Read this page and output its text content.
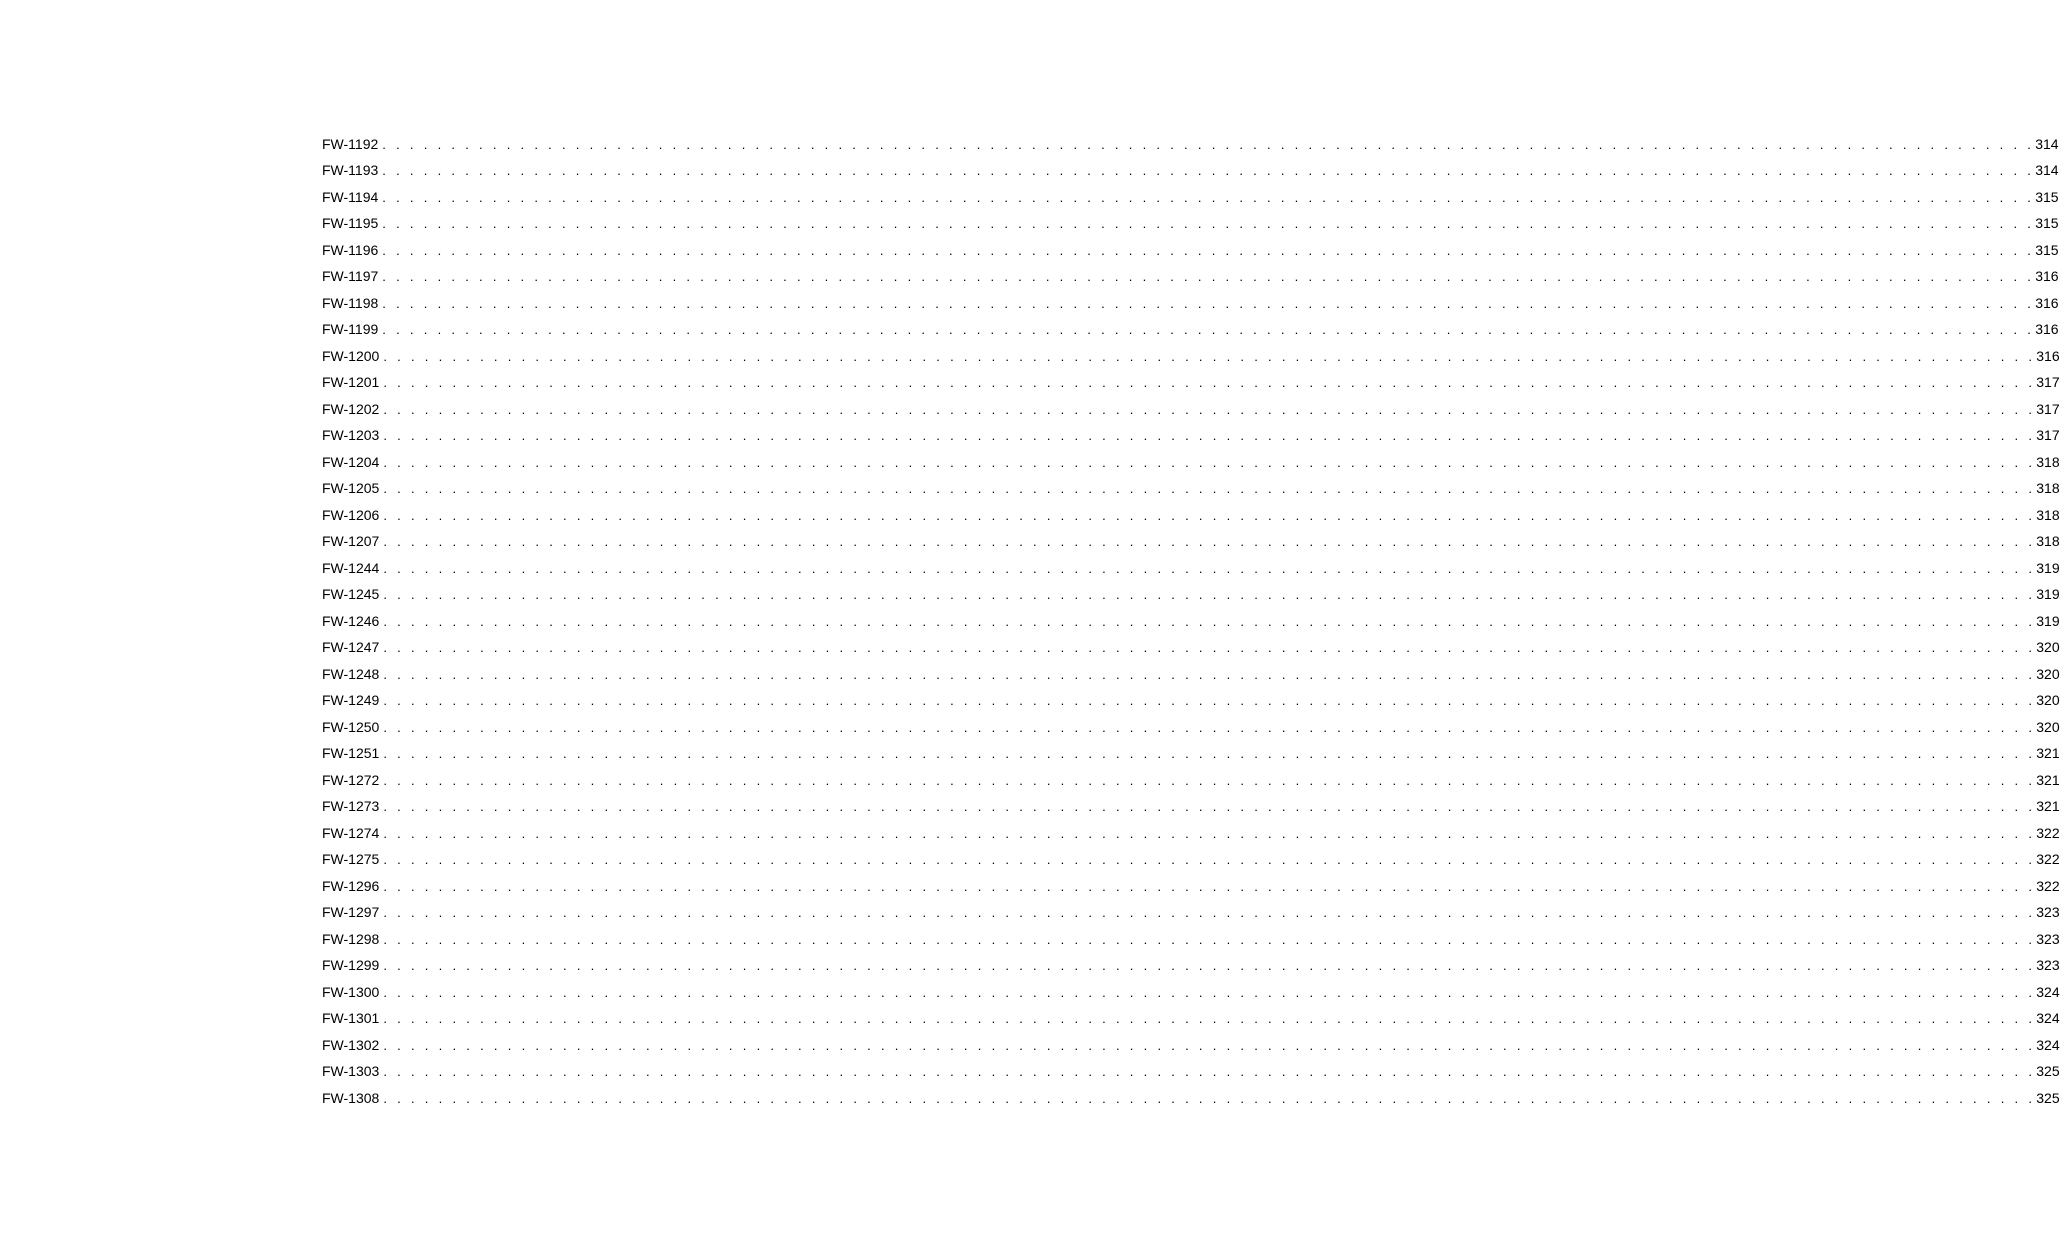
FW-1192 . . . . . . . . . . . . . . . . . . . . . . . . . . . . . . . . . . . . . . . . . . . . . . . . . . . . . . . . . . . . . . . . . . . . . . . . . . . . . . . . . . . . . . . . . . . . . . . . . . . . . . . . . . . . . . . . . . . . . . . . 314
FW-1193 . . . . . . . . . . . . . . . . . . . . . . . . . . . . . . . . . . . . . . . . . . . . . . . . . . . . . . . . . . . . . . . . . . . . . . . . . . . . . . . . . . . . . . . . . . . . . . . . . . . . . . . . . . . . . . . . . . . . . . . . 314
FW-1194 . . . . . . . . . . . . . . . . . . . . . . . . . . . . . . . . . . . . . . . . . . . . . . . . . . . . . . . . . . . . . . . . . . . . . . . . . . . . . . . . . . . . . . . . . . . . . . . . . . . . . . . . . . . . . . . . . . . . . . . . 315
FW-1195 . . . . . . . . . . . . . . . . . . . . . . . . . . . . . . . . . . . . . . . . . . . . . . . . . . . . . . . . . . . . . . . . . . . . . . . . . . . . . . . . . . . . . . . . . . . . . . . . . . . . . . . . . . . . . . . . . . . . . . . . 315
FW-1196 . . . . . . . . . . . . . . . . . . . . . . . . . . . . . . . . . . . . . . . . . . . . . . . . . . . . . . . . . . . . . . . . . . . . . . . . . . . . . . . . . . . . . . . . . . . . . . . . . . . . . . . . . . . . . . . . . . . . . . . . 315
FW-1197 . . . . . . . . . . . . . . . . . . . . . . . . . . . . . . . . . . . . . . . . . . . . . . . . . . . . . . . . . . . . . . . . . . . . . . . . . . . . . . . . . . . . . . . . . . . . . . . . . . . . . . . . . . . . . . . . . . . . . . . . 316
FW-1198 . . . . . . . . . . . . . . . . . . . . . . . . . . . . . . . . . . . . . . . . . . . . . . . . . . . . . . . . . . . . . . . . . . . . . . . . . . . . . . . . . . . . . . . . . . . . . . . . . . . . . . . . . . . . . . . . . . . . . . . . 316
FW-1199 . . . . . . . . . . . . . . . . . . . . . . . . . . . . . . . . . . . . . . . . . . . . . . . . . . . . . . . . . . . . . . . . . . . . . . . . . . . . . . . . . . . . . . . . . . . . . . . . . . . . . . . . . . . . . . . . . . . . . . . . 316
FW-1200 . . . . . . . . . . . . . . . . . . . . . . . . . . . . . . . . . . . . . . . . . . . . . . . . . . . . . . . . . . . . . . . . . . . . . . . . . . . . . . . . . . . . . . . . . . . . . . . . . . . . . . . . . . . . . . . . . . . . . . . . 316
FW-1201 . . . . . . . . . . . . . . . . . . . . . . . . . . . . . . . . . . . . . . . . . . . . . . . . . . . . . . . . . . . . . . . . . . . . . . . . . . . . . . . . . . . . . . . . . . . . . . . . . . . . . . . . . . . . . . . . . . . . . . . . 317
FW-1202 . . . . . . . . . . . . . . . . . . . . . . . . . . . . . . . . . . . . . . . . . . . . . . . . . . . . . . . . . . . . . . . . . . . . . . . . . . . . . . . . . . . . . . . . . . . . . . . . . . . . . . . . . . . . . . . . . . . . . . . . 317
FW-1203 . . . . . . . . . . . . . . . . . . . . . . . . . . . . . . . . . . . . . . . . . . . . . . . . . . . . . . . . . . . . . . . . . . . . . . . . . . . . . . . . . . . . . . . . . . . . . . . . . . . . . . . . . . . . . . . . . . . . . . . . 317
FW-1204 . . . . . . . . . . . . . . . . . . . . . . . . . . . . . . . . . . . . . . . . . . . . . . . . . . . . . . . . . . . . . . . . . . . . . . . . . . . . . . . . . . . . . . . . . . . . . . . . . . . . . . . . . . . . . . . . . . . . . . . . 318
FW-1205 . . . . . . . . . . . . . . . . . . . . . . . . . . . . . . . . . . . . . . . . . . . . . . . . . . . . . . . . . . . . . . . . . . . . . . . . . . . . . . . . . . . . . . . . . . . . . . . . . . . . . . . . . . . . . . . . . . . . . . . . 318
FW-1206 . . . . . . . . . . . . . . . . . . . . . . . . . . . . . . . . . . . . . . . . . . . . . . . . . . . . . . . . . . . . . . . . . . . . . . . . . . . . . . . . . . . . . . . . . . . . . . . . . . . . . . . . . . . . . . . . . . . . . . . . 318
FW-1207 . . . . . . . . . . . . . . . . . . . . . . . . . . . . . . . . . . . . . . . . . . . . . . . . . . . . . . . . . . . . . . . . . . . . . . . . . . . . . . . . . . . . . . . . . . . . . . . . . . . . . . . . . . . . . . . . . . . . . . . . 318
FW-1244 . . . . . . . . . . . . . . . . . . . . . . . . . . . . . . . . . . . . . . . . . . . . . . . . . . . . . . . . . . . . . . . . . . . . . . . . . . . . . . . . . . . . . . . . . . . . . . . . . . . . . . . . . . . . . . . . . . . . . . . . 319
FW-1245 . . . . . . . . . . . . . . . . . . . . . . . . . . . . . . . . . . . . . . . . . . . . . . . . . . . . . . . . . . . . . . . . . . . . . . . . . . . . . . . . . . . . . . . . . . . . . . . . . . . . . . . . . . . . . . . . . . . . . . . . 319
FW-1246 . . . . . . . . . . . . . . . . . . . . . . . . . . . . . . . . . . . . . . . . . . . . . . . . . . . . . . . . . . . . . . . . . . . . . . . . . . . . . . . . . . . . . . . . . . . . . . . . . . . . . . . . . . . . . . . . . . . . . . . . 319
FW-1247 . . . . . . . . . . . . . . . . . . . . . . . . . . . . . . . . . . . . . . . . . . . . . . . . . . . . . . . . . . . . . . . . . . . . . . . . . . . . . . . . . . . . . . . . . . . . . . . . . . . . . . . . . . . . . . . . . . . . . . . . 320
FW-1248 . . . . . . . . . . . . . . . . . . . . . . . . . . . . . . . . . . . . . . . . . . . . . . . . . . . . . . . . . . . . . . . . . . . . . . . . . . . . . . . . . . . . . . . . . . . . . . . . . . . . . . . . . . . . . . . . . . . . . . . . 320
FW-1249 . . . . . . . . . . . . . . . . . . . . . . . . . . . . . . . . . . . . . . . . . . . . . . . . . . . . . . . . . . . . . . . . . . . . . . . . . . . . . . . . . . . . . . . . . . . . . . . . . . . . . . . . . . . . . . . . . . . . . . . . 320
FW-1250 . . . . . . . . . . . . . . . . . . . . . . . . . . . . . . . . . . . . . . . . . . . . . . . . . . . . . . . . . . . . . . . . . . . . . . . . . . . . . . . . . . . . . . . . . . . . . . . . . . . . . . . . . . . . . . . . . . . . . . . . 320
FW-1251 . . . . . . . . . . . . . . . . . . . . . . . . . . . . . . . . . . . . . . . . . . . . . . . . . . . . . . . . . . . . . . . . . . . . . . . . . . . . . . . . . . . . . . . . . . . . . . . . . . . . . . . . . . . . . . . . . . . . . . . . 321
FW-1272 . . . . . . . . . . . . . . . . . . . . . . . . . . . . . . . . . . . . . . . . . . . . . . . . . . . . . . . . . . . . . . . . . . . . . . . . . . . . . . . . . . . . . . . . . . . . . . . . . . . . . . . . . . . . . . . . . . . . . . . . 321
FW-1273 . . . . . . . . . . . . . . . . . . . . . . . . . . . . . . . . . . . . . . . . . . . . . . . . . . . . . . . . . . . . . . . . . . . . . . . . . . . . . . . . . . . . . . . . . . . . . . . . . . . . . . . . . . . . . . . . . . . . . . . . 321
FW-1274 . . . . . . . . . . . . . . . . . . . . . . . . . . . . . . . . . . . . . . . . . . . . . . . . . . . . . . . . . . . . . . . . . . . . . . . . . . . . . . . . . . . . . . . . . . . . . . . . . . . . . . . . . . . . . . . . . . . . . . . . 322
FW-1275 . . . . . . . . . . . . . . . . . . . . . . . . . . . . . . . . . . . . . . . . . . . . . . . . . . . . . . . . . . . . . . . . . . . . . . . . . . . . . . . . . . . . . . . . . . . . . . . . . . . . . . . . . . . . . . . . . . . . . . . . 322
FW-1296 . . . . . . . . . . . . . . . . . . . . . . . . . . . . . . . . . . . . . . . . . . . . . . . . . . . . . . . . . . . . . . . . . . . . . . . . . . . . . . . . . . . . . . . . . . . . . . . . . . . . . . . . . . . . . . . . . . . . . . . . 322
FW-1297 . . . . . . . . . . . . . . . . . . . . . . . . . . . . . . . . . . . . . . . . . . . . . . . . . . . . . . . . . . . . . . . . . . . . . . . . . . . . . . . . . . . . . . . . . . . . . . . . . . . . . . . . . . . . . . . . . . . . . . . . 323
FW-1298 . . . . . . . . . . . . . . . . . . . . . . . . . . . . . . . . . . . . . . . . . . . . . . . . . . . . . . . . . . . . . . . . . . . . . . . . . . . . . . . . . . . . . . . . . . . . . . . . . . . . . . . . . . . . . . . . . . . . . . . . 323
FW-1299 . . . . . . . . . . . . . . . . . . . . . . . . . . . . . . . . . . . . . . . . . . . . . . . . . . . . . . . . . . . . . . . . . . . . . . . . . . . . . . . . . . . . . . . . . . . . . . . . . . . . . . . . . . . . . . . . . . . . . . . . 323
FW-1300 . . . . . . . . . . . . . . . . . . . . . . . . . . . . . . . . . . . . . . . . . . . . . . . . . . . . . . . . . . . . . . . . . . . . . . . . . . . . . . . . . . . . . . . . . . . . . . . . . . . . . . . . . . . . . . . . . . . . . . . . 324
FW-1301 . . . . . . . . . . . . . . . . . . . . . . . . . . . . . . . . . . . . . . . . . . . . . . . . . . . . . . . . . . . . . . . . . . . . . . . . . . . . . . . . . . . . . . . . . . . . . . . . . . . . . . . . . . . . . . . . . . . . . . . . 324
FW-1302 . . . . . . . . . . . . . . . . . . . . . . . . . . . . . . . . . . . . . . . . . . . . . . . . . . . . . . . . . . . . . . . . . . . . . . . . . . . . . . . . . . . . . . . . . . . . . . . . . . . . . . . . . . . . . . . . . . . . . . . . 324
FW-1303 . . . . . . . . . . . . . . . . . . . . . . . . . . . . . . . . . . . . . . . . . . . . . . . . . . . . . . . . . . . . . . . . . . . . . . . . . . . . . . . . . . . . . . . . . . . . . . . . . . . . . . . . . . . . . . . . . . . . . . . . 325
FW-1308 . . . . . . . . . . . . . . . . . . . . . . . . . . . . . . . . . . . . . . . . . . . . . . . . . . . . . . . . . . . . . . . . . . . . . . . . . . . . . . . . . . . . . . . . . . . . . . . . . . . . . . . . . . . . . . . . . . . . . . . . 325
